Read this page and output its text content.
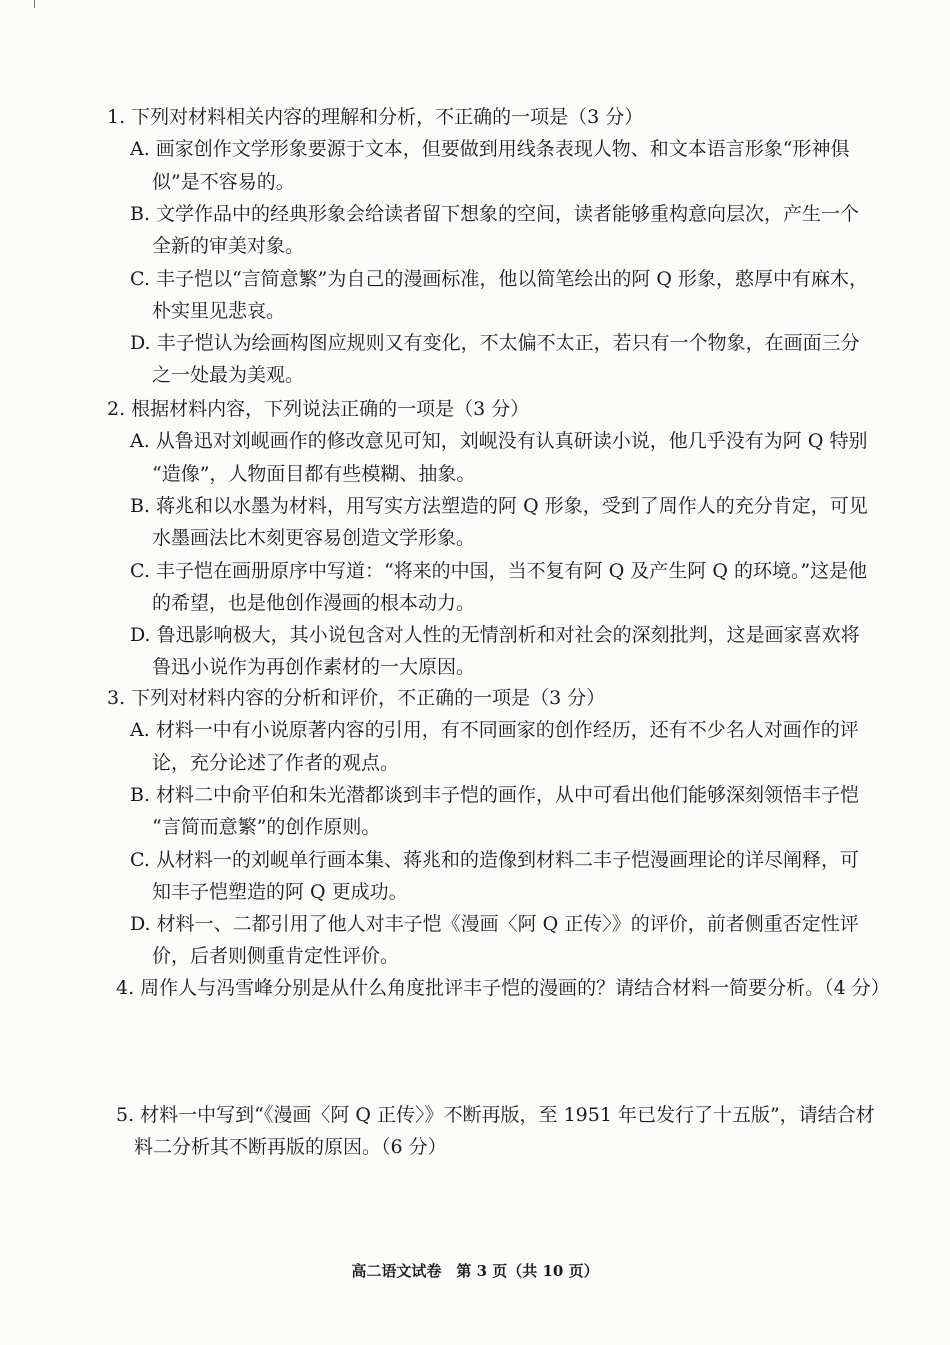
1. 下列对材料相关内容的理解和分析，不正确的一项是（3 分）
A. 画家创作文学形象要源于文本，但要做到用线条表现人物、和文本语言形象“形神俱
似”是不容易的。
B. 文学作品中的经典形象会给读者留下想象的空间，读者能够重构意向层次，产生一个
全新的审美对象。
C. 丰子恺以“言简意繁”为自己的漫画标准，他以简笔绘出的阿 Q 形象，憨厚中有麻木，
朴实里见悲哀。
D. 丰子恺认为绘画构图应规则又有变化，不太偏不太正，若只有一个物象，在画面三分
之一处最为美观。
2. 根据材料内容，下列说法正确的一项是（3 分）
A. 从鲁迅对刘岘画作的修改意见可知，刘岘没有认真研读小说，他几乎没有为阿 Q 特别
“造像”，人物面目都有些模糊、抽象。
B. 蒋兆和以水墨为材料，用写实方法塑造的阿 Q 形象，受到了周作人的充分肯定，可见
水墨画法比木刻更容易创造文学形象。
C. 丰子恺在画册原序中写道：“将来的中国，当不复有阿 Q 及产生阿 Q 的环境。”这是他
的希望，也是他创作漫画的根本动力。
D. 鲁迅影响极大，其小说包含对人性的无情剖析和对社会的深刻批判，这是画家喜欢将
鲁迅小说作为再创作素材的一大原因。
3. 下列对材料内容的分析和评价，不正确的一项是（3 分）
A. 材料一中有小说原著内容的引用，有不同画家的创作经历，还有不少名人对画作的评
论，充分论述了作者的观点。
B. 材料二中俞平伯和朱光潜都谈到丰子恺的画作，从中可看出他们能够深刻领悟丰子恺
“言简而意繁”的创作原则。
C. 从材料一的刘岘单行画本集、蒋兆和的造像到材料二丰子恺漫画理论的详尽阐释，可
知丰子恺塑造的阿 Q 更成功。
D. 材料一、二都引用了他人对丰子恺《漫画〈阿 Q 正传〉》的评价，前者侧重否定性评
价，后者则侧重肯定性评价。
4. 周作人与冯雪峰分别是从什么角度批评丰子恺的漫画的？请结合材料一简要分析。（4 分）
5. 材料一中写到“《漫画〈阿 Q 正传〉》不断再版，至 1951 年已发行了十五版”，请结合材
料二分析其不断再版的原因。（6 分）
高二语文试卷　第 3 页（共 10 页）
